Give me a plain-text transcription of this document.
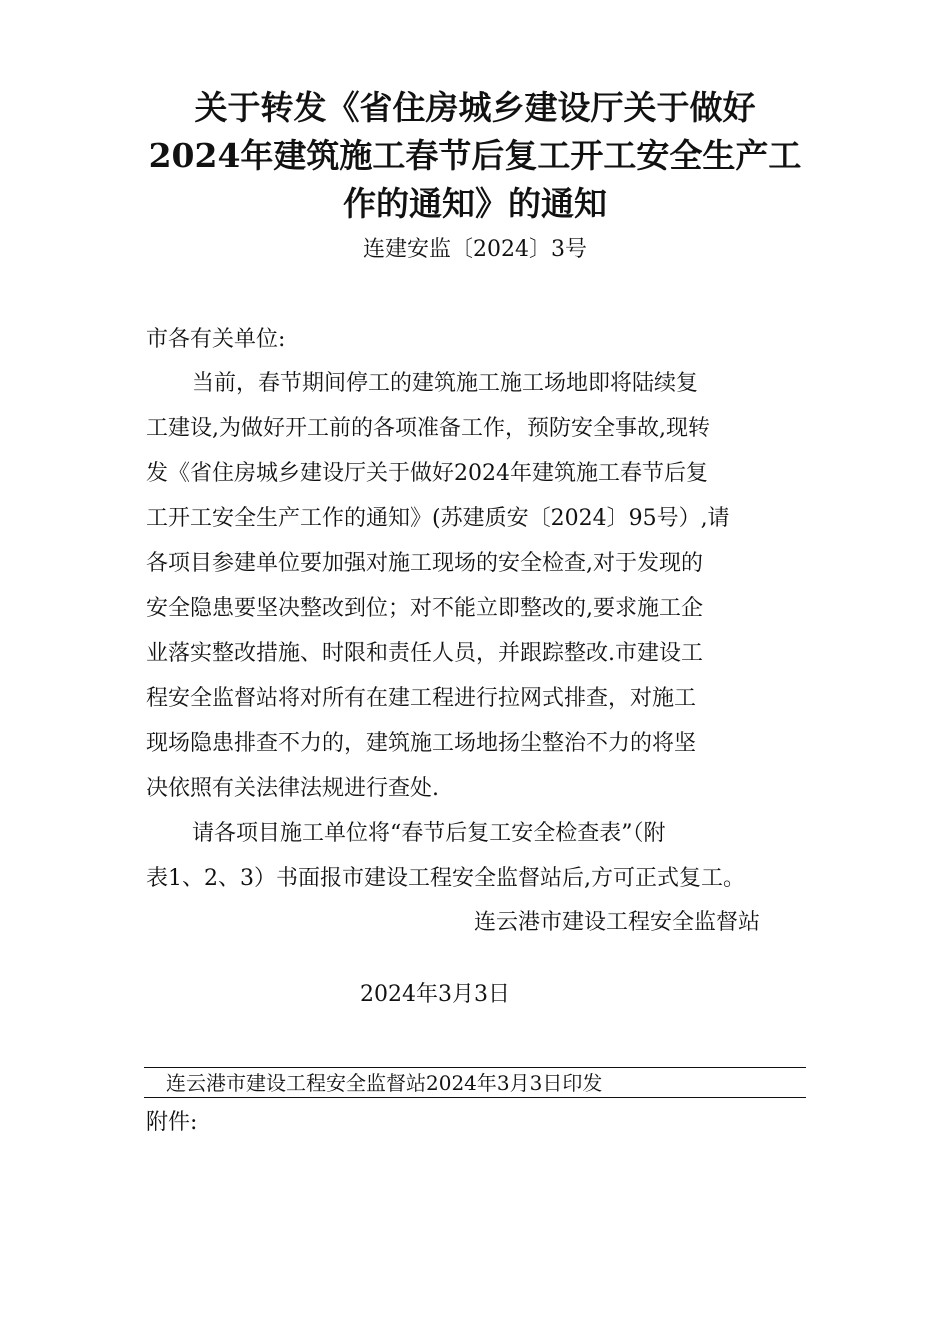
关于转发《省住房城乡建设厅关于做好
2024年建筑施工春节后复工开工安全生产工
作的通知》的通知
连建安监〔2024〕3号
市各有关单位:
当前，春节期间停工的建筑施工施工场地即将陆续复
工建设,为做好开工前的各项准备工作，预防安全事故,现转
发《省住房城乡建设厅关于做好2024年建筑施工春节后复
工开工安全生产工作的通知》(苏建质安〔2024〕95号）,请
各项目参建单位要加强对施工现场的安全检查,对于发现的
安全隐患要坚决整改到位；对不能立即整改的,要求施工企
业落实整改措施、时限和责任人员，并跟踪整改.市建设工
程安全监督站将对所有在建工程进行拉网式排查，对施工
现场隐患排查不力的，建筑施工场地扬尘整治不力的将坚
决依照有关法律法规进行查处.
请各项目施工单位将“春节后复工安全检查表”（附
表1、2、3）书面报市建设工程安全监督站后,方可正式复工。
连云港市建设工程安全监督站
2024年3月3日
连云港市建设工程安全监督站2024年3月3日印发
附件:
